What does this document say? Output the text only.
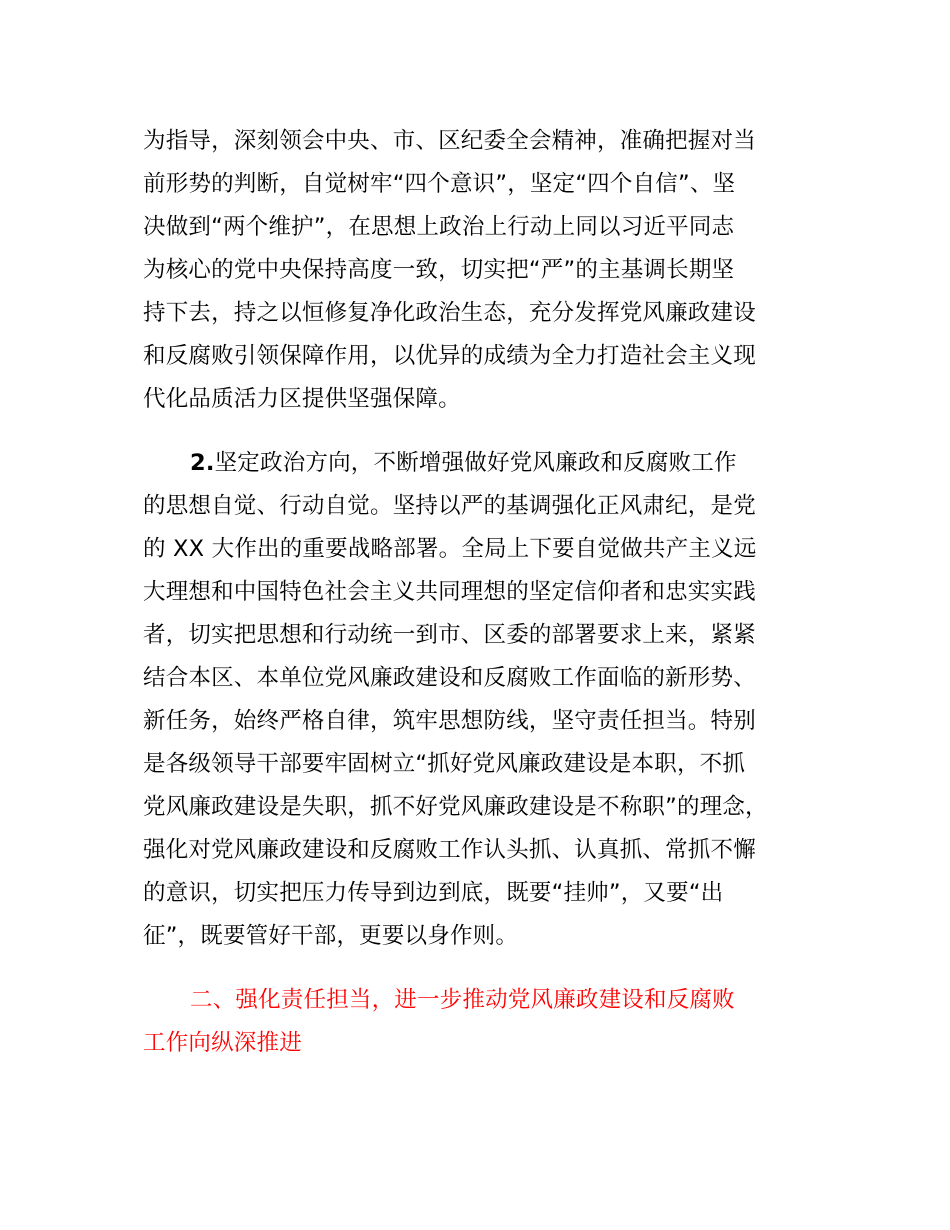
为指导，深刻领会中央、市、区纪委全会精神，准确把握对当
前形势的判断，自觉树牢“四个意识”，坚定“四个自信”、坚
决做到“两个维护”，在思想上政治上行动上同以习近平同志
为核心的党中央保持高度一致，切实把“严”的主基调长期坚
持下去，持之以恒修复净化政治生态，充分发挥党风廉政建设
和反腐败引领保障作用，以优异的成绩为全力打造社会主义现
代化品质活力区提供坚强保障。
2.坚定政治方向，不断增强做好党风廉政和反腐败工作
的思想自觉、行动自觉。坚持以严的基调强化正风肃纪，是党
的 XX 大作出的重要战略部署。全局上下要自觉做共产主义远
大理想和中国特色社会主义共同理想的坚定信仰者和忠实实践
者，切实把思想和行动统一到市、区委的部署要求上来，紧紧
结合本区、本单位党风廉政建设和反腐败工作面临的新形势、
新任务，始终严格自律，筑牢思想防线，坚守责任担当。特别
是各级领导干部要牢固树立“抓好党风廉政建设是本职，不抓
党风廉政建设是失职，抓不好党风廉政建设是不称职”的理念，
强化对党风廉政建设和反腐败工作认头抓、认真抓、常抓不懈
的意识，切实把压力传导到边到底，既要“挂帅”，又要“出
征”，既要管好干部，更要以身作则。
二、强化责任担当，进一步推动党风廉政建设和反腐败
工作向纵深推进
